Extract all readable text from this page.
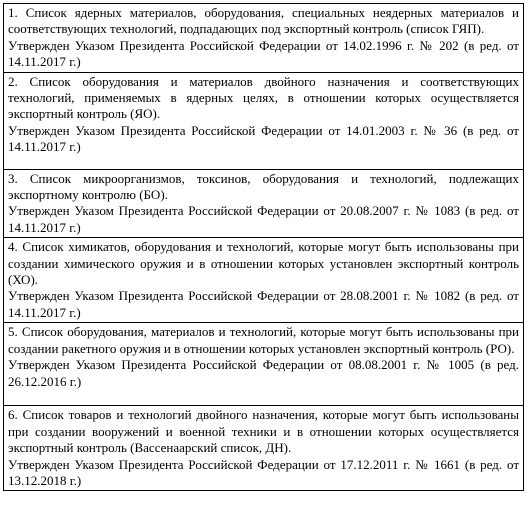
1. Список ядерных материалов, оборудования, специальных неядерных материалов и соответствующих технологий, подпадающих под экспортный контроль (список ГЯП).
Утвержден Указом Президента Российской Федерации от 14.02.1996 г. № 202 (в ред. от 14.11.2017 г.)

2. Список оборудования и материалов двойного назначения и соответствующих технологий, применяемых в ядерных целях, в отношении которых осуществляется экспортный контроль (ЯО).
Утвержден Указом Президента Российской Федерации от 14.01.2003 г. № 36 (в ред. от 14.11.2017 г.)

3. Список микроорганизмов, токсинов, оборудования и технологий, подлежащих экспортному контролю (БО).
Утвержден Указом Президента Российской Федерации от 20.08.2007 г. № 1083 (в ред. от 14.11.2017 г.)

4. Список химикатов, оборудования и технологий, которые могут быть использованы при создании химического оружия и в отношении которых установлен экспортный контроль (ХО).
Утвержден Указом Президента Российской Федерации от 28.08.2001 г. № 1082 (в ред. от 14.11.2017 г.)

5. Список оборудования, материалов и технологий, которые могут быть использованы при создании ракетного оружия и в отношении которых установлен экспортный контроль (РО).
Утвержден Указом Президента Российской Федерации от 08.08.2001 г. № 1005 (в ред. 26.12.2016 г.)

6. Список товаров и технологий двойного назначения, которые могут быть использованы при создании вооружений и военной техники и в отношении которых осуществляется экспортный контроль (Вассенаарский список, ДН).
Утвержден Указом Президента Российской Федерации от 17.12.2011 г. № 1661 (в ред. от 13.12.2018 г.)
